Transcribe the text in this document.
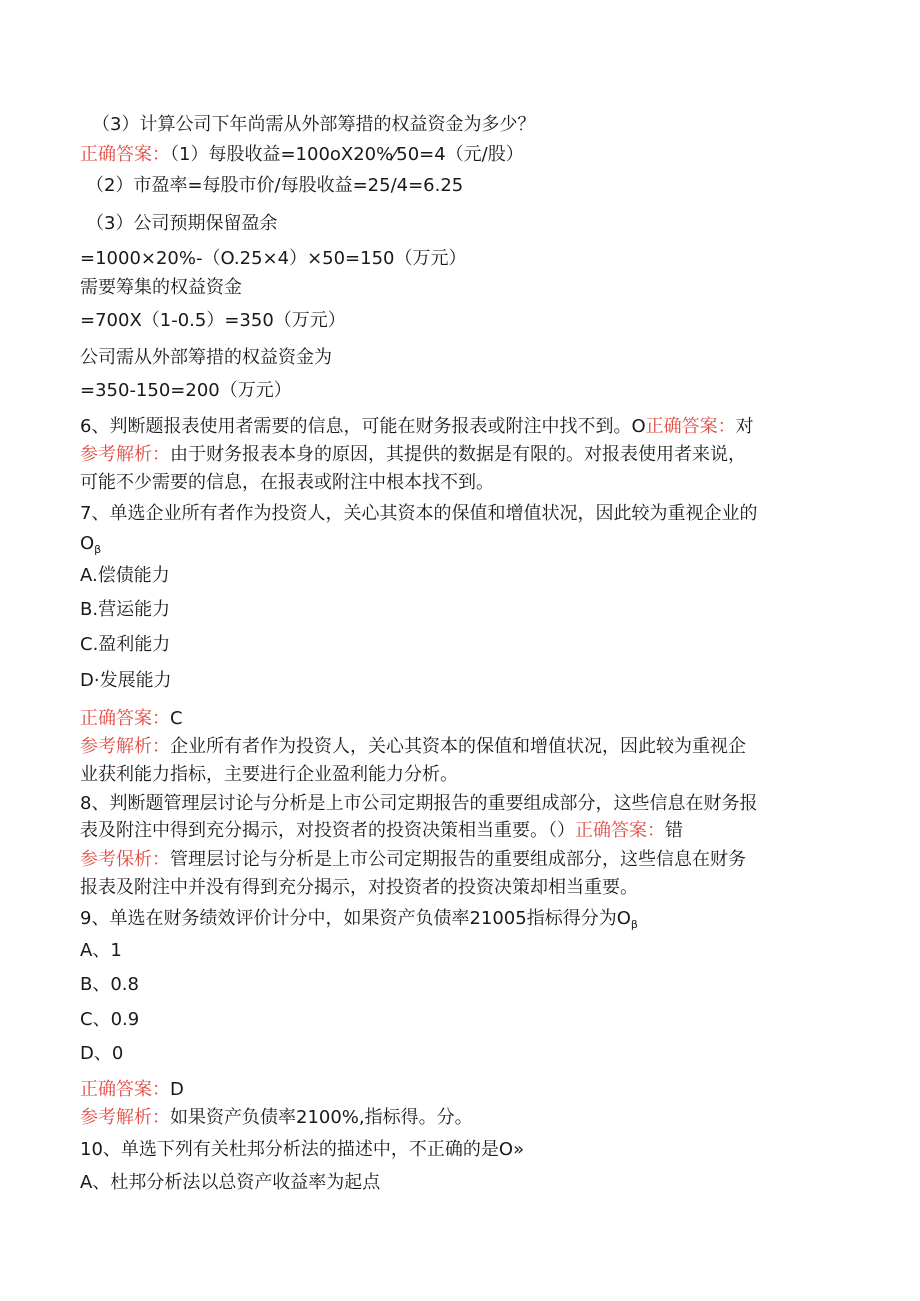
（3）计算公司下年尚需从外部筹措的权益资金为多少？
正确答案：（1）每股收益=100oX20%⁄50=4（元/股）
（2）市盈率=每股市价/每股收益=25/4=6.25
（3）公司预期保留盈余
=1000×20%-（O.25×4）×50=150（万元）
需要筹集的权益资金
=700X（1-0.5）=350（万元）
公司需从外部筹措的权益资金为
=350-150=200（万元）
6、判断题报表使用者需要的信息，可能在财务报表或附注中找不到。O正确答案：对
参考解析：由于财务报表本身的原因，其提供的数据是有限的。对报表使用者来说，
可能不少需要的信息，在报表或附注中根本找不到。
7、单选企业所有者作为投资人，关心其资本的保值和增值状况，因此较为重视企业的
$O_\beta$
A.偿债能力
B.营运能力
C.盈利能力
D·发展能力
正确答案：C
参考解析：企业所有者作为投资人，关心其资本的保值和增值状况，因此较为重视企
业获利能力指标，主要进行企业盈利能力分析。
8、判断题管理层讨论与分析是上市公司定期报告的重要组成部分，这些信息在财务报
表及附注中得到充分揭示，对投资者的投资决策相当重要。（）正确答案：错
参考保析：管理层讨论与分析是上市公司定期报告的重要组成部分，这些信息在财务
报表及附注中并没有得到充分揭示，对投资者的投资决策却相当重要。
9、单选在财务绩效评价计分中，如果资产负债率21005指标得分为$O_\beta$
A、1
B、0.8
C、0.9
D、0
正确答案：D
参考解析：如果资产负债率2100%,指标得。分。
10、单选下列有关杜邦分析法的描述中，不正确的是O»
A、杜邦分析法以总资产收益率为起点
